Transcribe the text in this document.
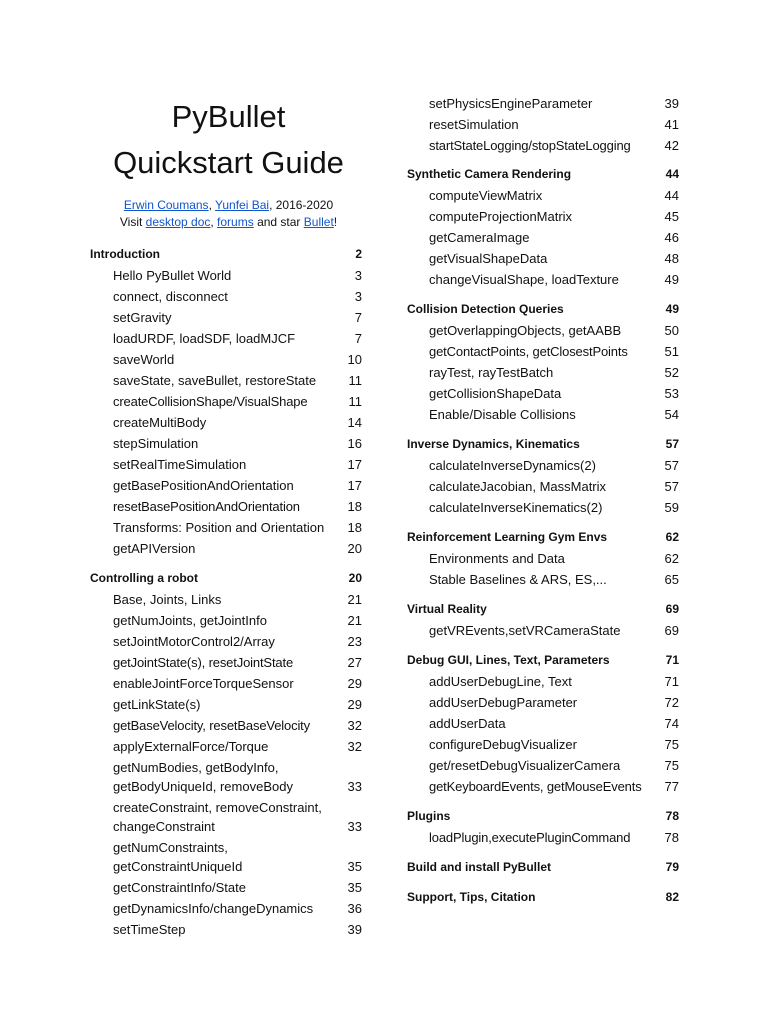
PyBullet
Quickstart Guide
Erwin Coumans, Yunfei Bai, 2016-2020
Visit desktop doc, forums and star Bullet!
Introduction	2
Hello PyBullet World	3
connect, disconnect	3
setGravity	7
loadURDF, loadSDF, loadMJCF	7
saveWorld	10
saveState, saveBullet, restoreState	11
createCollisionShape/VisualShape	11
createMultiBody	14
stepSimulation	16
setRealTimeSimulation	17
getBasePositionAndOrientation	17
resetBasePositionAndOrientation	18
Transforms: Position and Orientation	18
getAPIVersion	20
Controlling a robot	20
Base, Joints, Links	21
getNumJoints, getJointInfo	21
setJointMotorControl2/Array	23
getJointState(s), resetJointState	27
enableJointForceTorqueSensor	29
getLinkState(s)	29
getBaseVelocity, resetBaseVelocity	32
applyExternalForce/Torque	32
getNumBodies, getBodyInfo, getBodyUniqueId, removeBody	33
createConstraint, removeConstraint, changeConstraint	33
getNumConstraints, getConstraintUniqueId	35
getConstraintInfo/State	35
getDynamicsInfo/changeDynamics	36
setTimeStep	39
setPhysicsEngineParameter	39
resetSimulation	41
startStateLogging/stopStateLogging	42
Synthetic Camera Rendering	44
computeViewMatrix	44
computeProjectionMatrix	45
getCameraImage	46
getVisualShapeData	48
changeVisualShape, loadTexture	49
Collision Detection Queries	49
getOverlappingObjects, getAABB	50
getContactPoints, getClosestPoints	51
rayTest, rayTestBatch	52
getCollisionShapeData	53
Enable/Disable Collisions	54
Inverse Dynamics, Kinematics	57
calculateInverseDynamics(2)	57
calculateJacobian, MassMatrix	57
calculateInverseKinematics(2)	59
Reinforcement Learning Gym Envs	62
Environments and Data	62
Stable Baselines & ARS, ES,...	65
Virtual Reality	69
getVREvents,setVRCameraState	69
Debug GUI, Lines, Text, Parameters	71
addUserDebugLine, Text	71
addUserDebugParameter	72
addUserData	74
configureDebugVisualizer	75
get/resetDebugVisualizerCamera	75
getKeyboardEvents, getMouseEvents	77
Plugins	78
loadPlugin,executePluginCommand	78
Build and install PyBullet	79
Support, Tips, Citation	82
